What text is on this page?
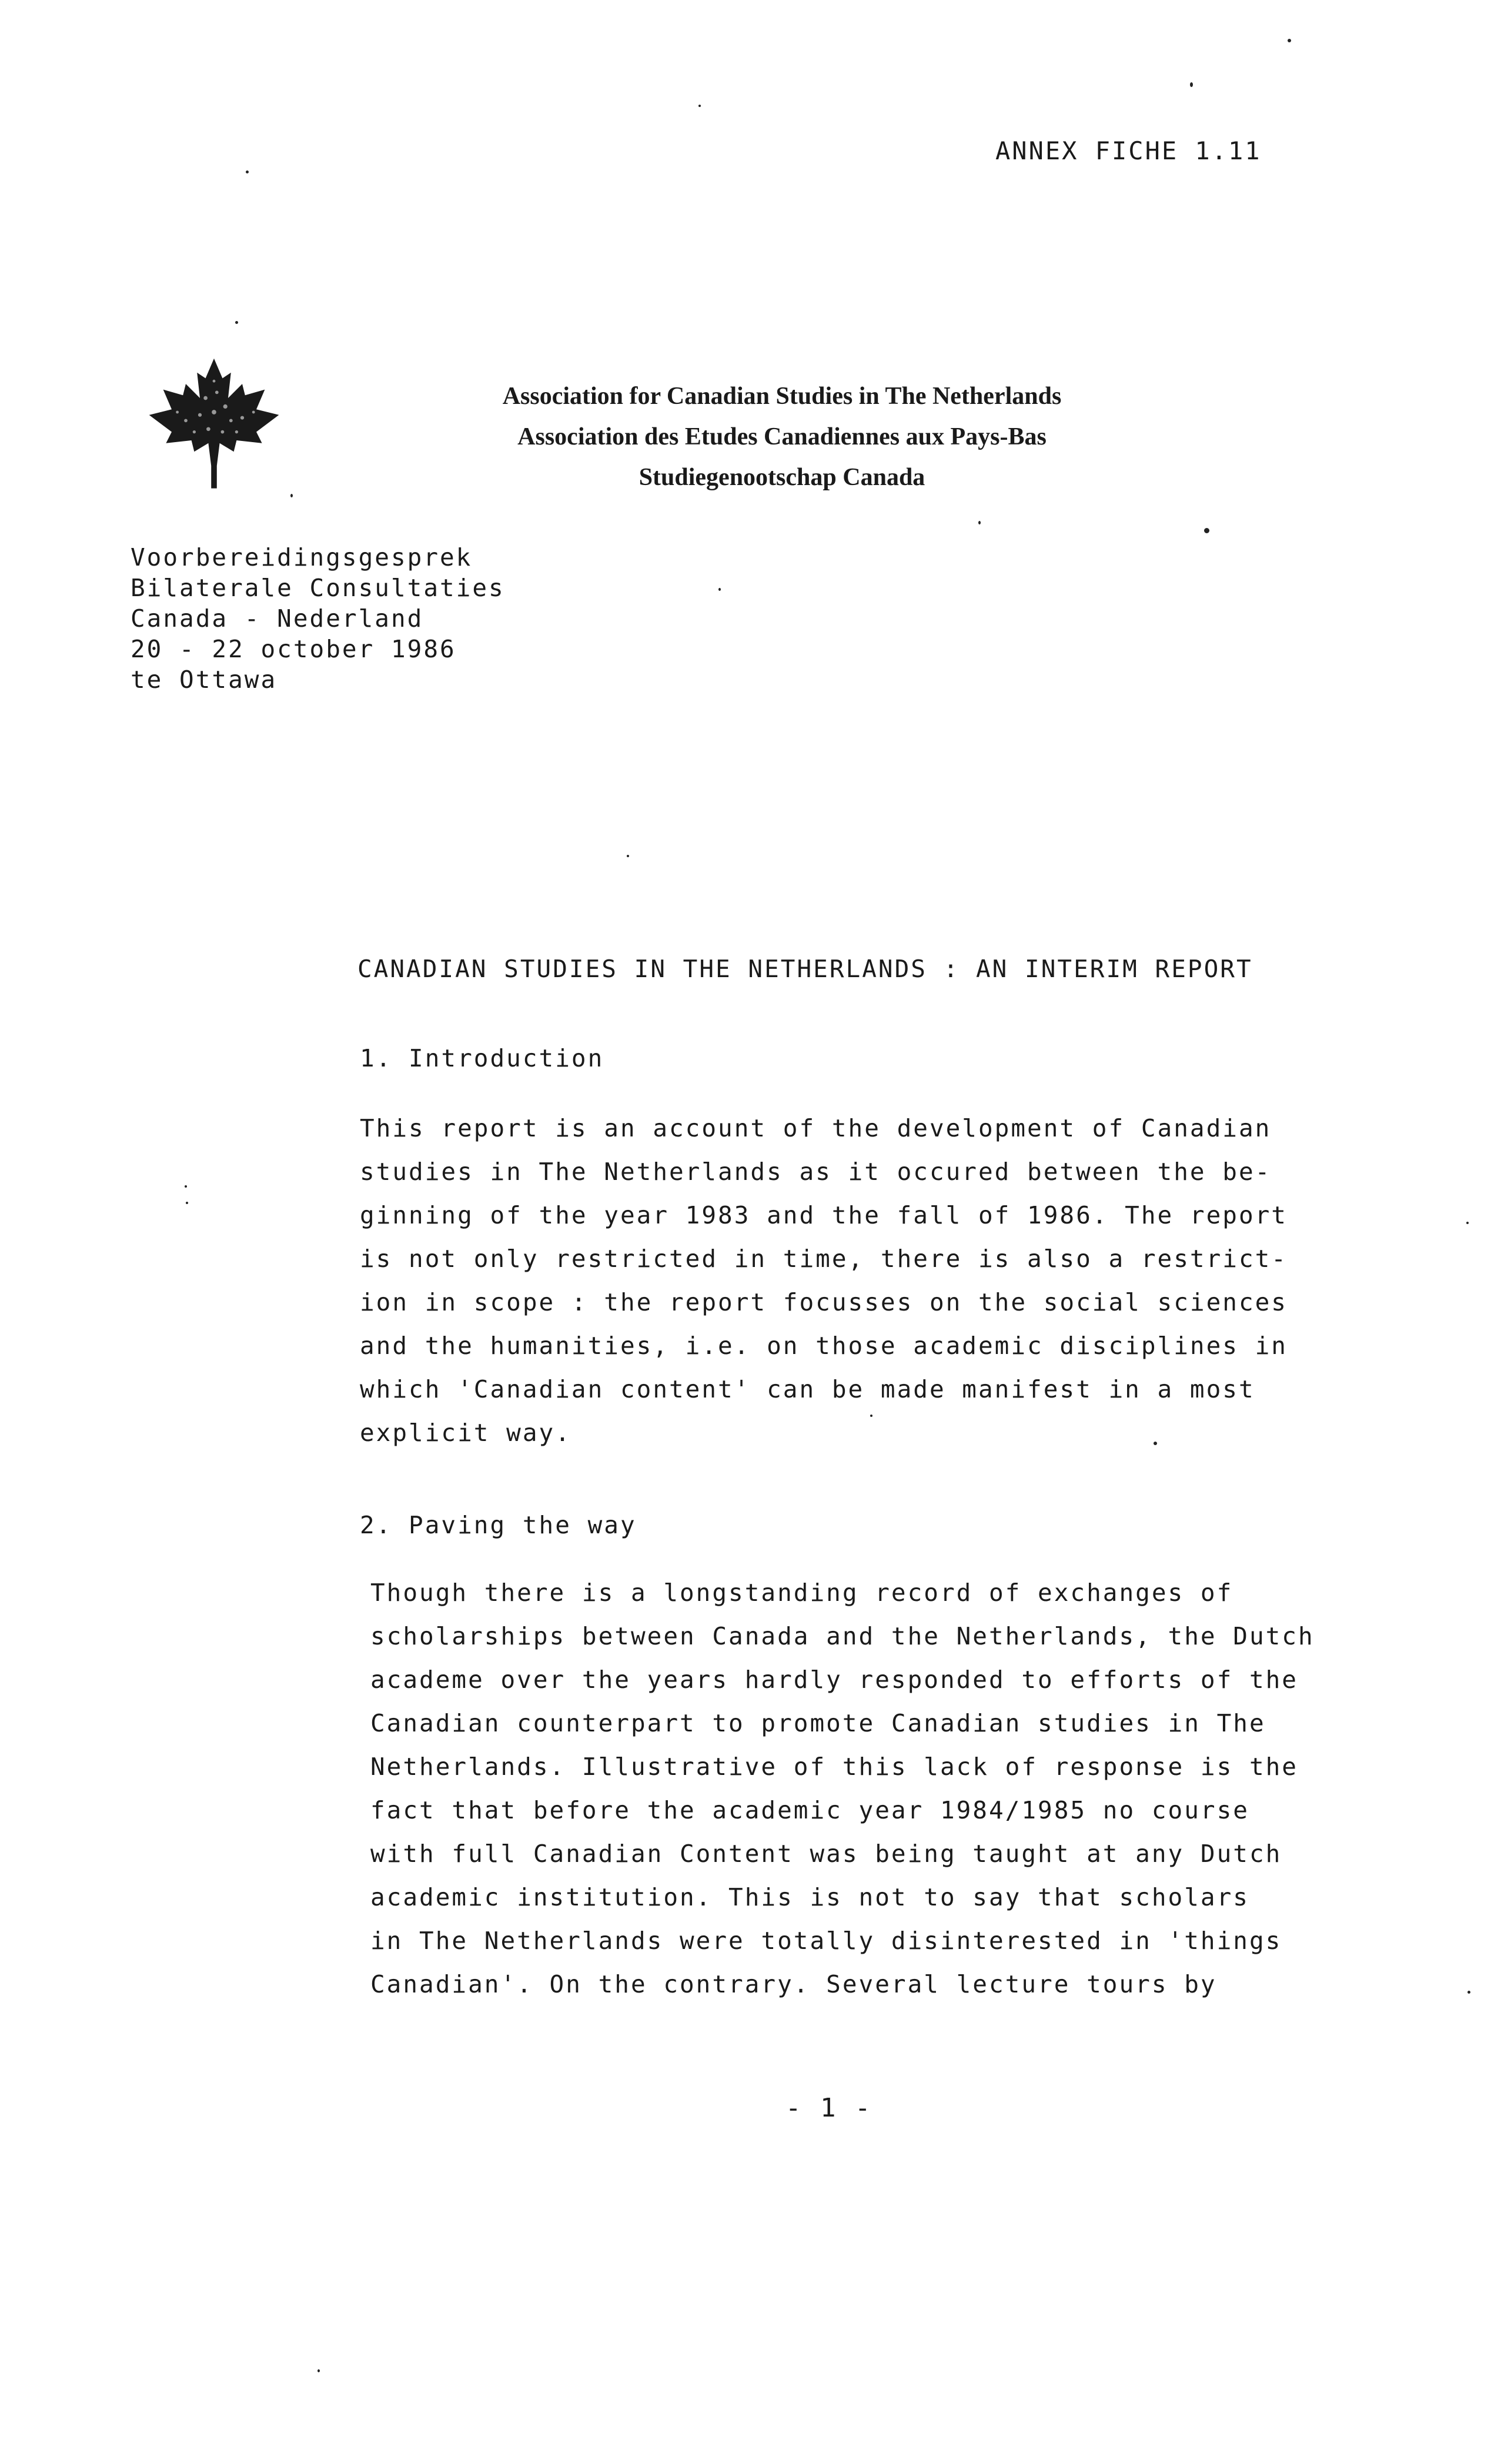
ANNEX FICHE 1.11
Association for Canadian Studies in The Netherlands
Association des Etudes Canadiennes aux Pays-Bas
Studiegenootschap Canada
Voorbereidingsgesprek
Bilaterale Consultaties
Canada - Nederland
20 - 22 october 1986
te Ottawa
CANADIAN STUDIES IN THE NETHERLANDS : AN INTERIM REPORT
1. Introduction
This report is an account of the development of Canadian
studies in The Netherlands as it occured between the be-
ginning of the year 1983 and the fall of 1986. The report
is not only restricted in time, there is also a restrict-
ion in scope : the report focusses on the social sciences
and the humanities, i.e. on those academic disciplines in
which 'Canadian content' can be made manifest in a most
explicit way.
2. Paving the way
Though there is a longstanding record of exchanges of
scholarships between Canada and the Netherlands, the Dutch
academe over the years hardly responded to efforts of the
Canadian counterpart to promote Canadian studies in The
Netherlands. Illustrative of this lack of response is the
fact that before the academic year 1984/1985 no course
with full Canadian Content was being taught at any Dutch
academic institution. This is not to say that scholars
in The Netherlands were totally disinterested in 'things
Canadian'. On the contrary. Several lecture tours by
- 1 -
